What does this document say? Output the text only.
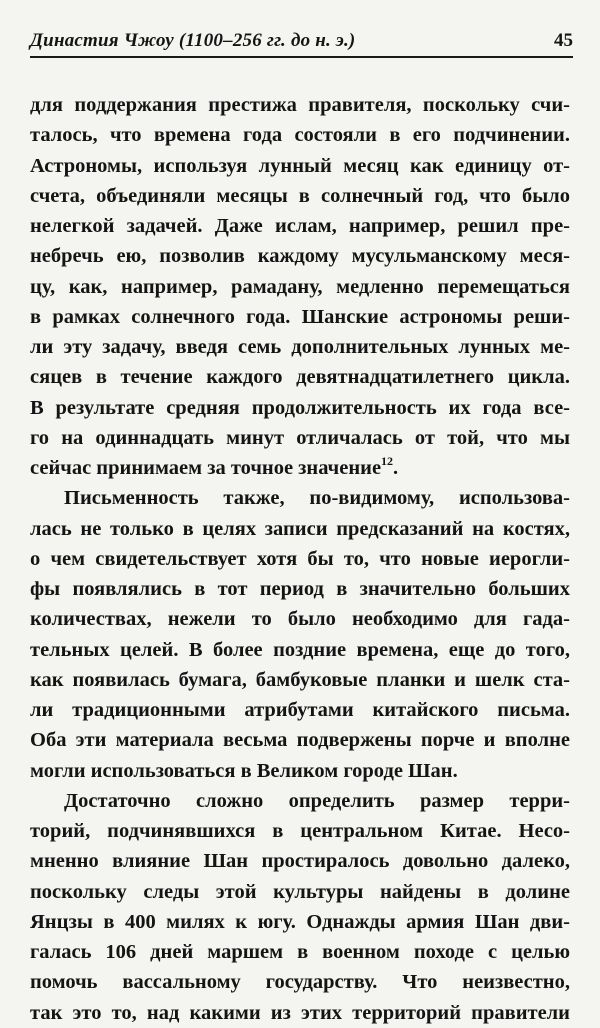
Династия Чжоу (1100–256 гг. до н. э.)	45
для поддержания престижа правителя, поскольку счи-
талось, что времена года состояли в его подчинении.
Астрономы, используя лунный месяц как единицу от-
счета, объединяли месяцы в солнечный год, что было
нелегкой задачей. Даже ислам, например, решил пре-
небречь ею, позволив каждому мусульманскому меся-
цу, как, например, рамадану, медленно перемещаться
в рамках солнечного года. Шанские астрономы реши-
ли эту задачу, введя семь дополнительных лунных ме-
сяцев в течение каждого девятнадцатилетнего цикла.
В результате средняя продолжительность их года все-
го на одиннадцать минут отличалась от той, что мы
сейчас принимаем за точное значение$^{12}$.
Письменность также, по-видимому, использова-
лась не только в целях записи предсказаний на костях,
о чем свидетельствует хотя бы то, что новые иерогли-
фы появлялись в тот период в значительно больших
количествах, нежели то было необходимо для гада-
тельных целей. В более поздние времена, еще до того,
как появилась бумага, бамбуковые планки и шелк ста-
ли традиционными атрибутами китайского письма.
Оба эти материала весьма подвержены порче и вполне
могли использоваться в Великом городе Шан.
Достаточно сложно определить размер терри-
торий, подчинявшихся в центральном Китае. Несо-
мненно влияние Шан простиралось довольно далеко,
поскольку следы этой культуры найдены в долине
Янцзы в 400 милях к югу. Однажды армия Шан дви-
галась 106 дней маршем в военном походе с целью
помочь вассальному государству. Что неизвестно,
так это то, над какими из этих территорий правители
